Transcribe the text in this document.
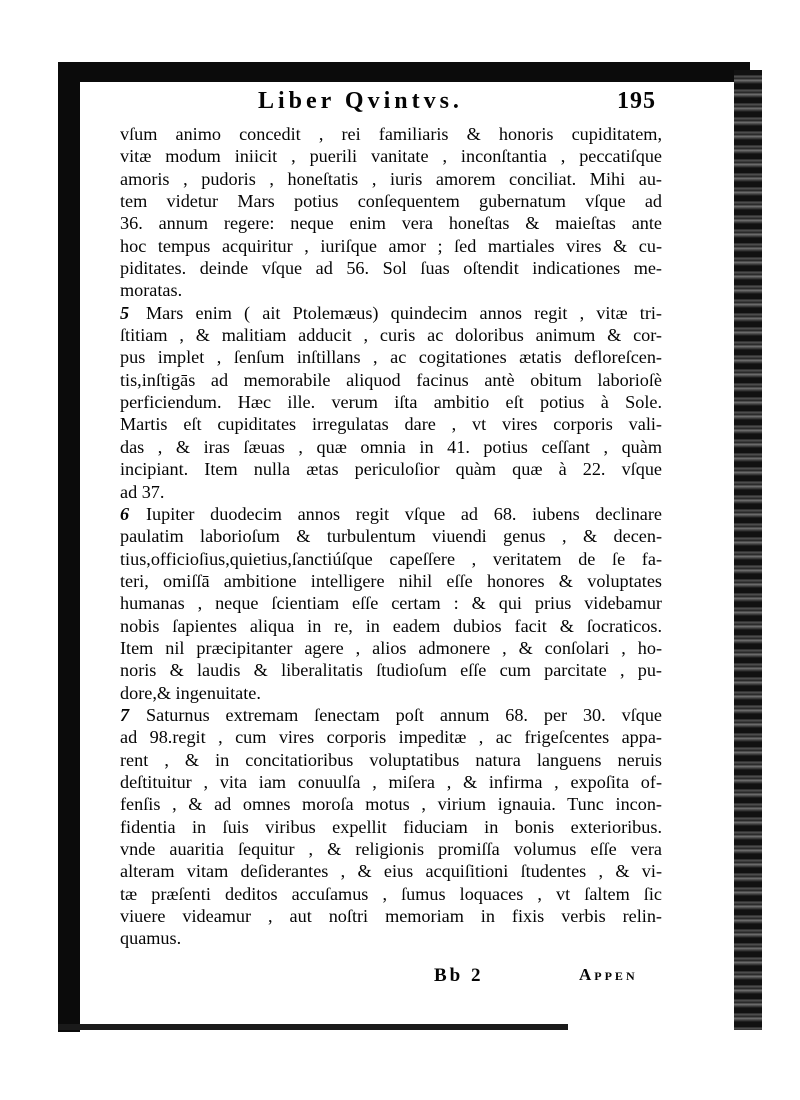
Liber Qvintvs.	195
vſum animo concedit , rei familiaris & honoris cupiditatem,
vitæ modum iniicit , puerili vanitate , inconſtantia , peccatiſque
amoris , pudoris , honeſtatis , iuris amorem conciliat. Mihi au-
tem videtur Mars potius conſequentem gubernatum vſque ad
36. annum regere: neque enim vera honeſtas & maieſtas ante
hoc tempus acquiritur , iuriſque amor ; ſed martiales vires & cu-
piditates. deinde vſque ad 56. Sol ſuas oſtendit indicationes me-
moratas.
5 Mars enim ( ait Ptolemæus) quindecim annos regit , vitæ tri-
ſtitiam , & malitiam adducit , curis ac doloribus animum & cor-
pus implet , ſenſum inſtillans , ac cogitationes ætatis defloreſcen-
tis,inſtigās ad memorabile aliquod facinus antè obitum laborioſè
perficiendum. Hæc ille. verum iſta ambitio eſt potius à Sole.
Martis eſt cupiditates irregulatas dare , vt vires corporis vali-
das , & iras ſæuas , quæ omnia in 41. potius ceſſant , quàm
incipiant. Item nulla ætas periculoſior quàm quæ à 22. vſque
ad 37.
6 Iupiter duodecim annos regit vſque ad 68. iubens declinare
paulatim laborioſum & turbulentum viuendi genus , & decen-
tius,officioſius,quietius,ſanctiúſque capeſſere , veritatem de ſe fa-
teri, omiſſā ambitione intelligere nihil eſſe honores & voluptates
humanas , neque ſcientiam eſſe certam : & qui prius videbamur
nobis ſapientes aliqua in re, in eadem dubios facit & ſocraticos.
Item nil præcipitanter agere , alios admonere , & conſolari , ho-
noris & laudis & liberalitatis ſtudioſum eſſe cum parcitate , pu-
dore,& ingenuitate.
7 Saturnus extremam ſenectam poſt annum 68. per 30. vſque
ad 98.regit , cum vires corporis impeditæ , ac frigeſcentes appa-
rent , & in concitatioribus voluptatibus natura languens neruis
deſtituitur , vita iam conuulſa , miſera , & infirma , expoſita of-
fenſis , & ad omnes moroſa motus , virium ignauia. Tunc incon-
fidentia in ſuis viribus expellit fiduciam in bonis exterioribus.
vnde auaritia ſequitur , & religionis promiſſa volumus eſſe vera
alteram vitam deſiderantes , & eius acquiſitioni ſtudentes , & vi-
tæ præſenti deditos accuſamus , ſumus loquaces , vt ſaltem ſic
viuere videamur , aut noſtri memoriam in fixis verbis relin-
quamus.
Bb 2	Appen
